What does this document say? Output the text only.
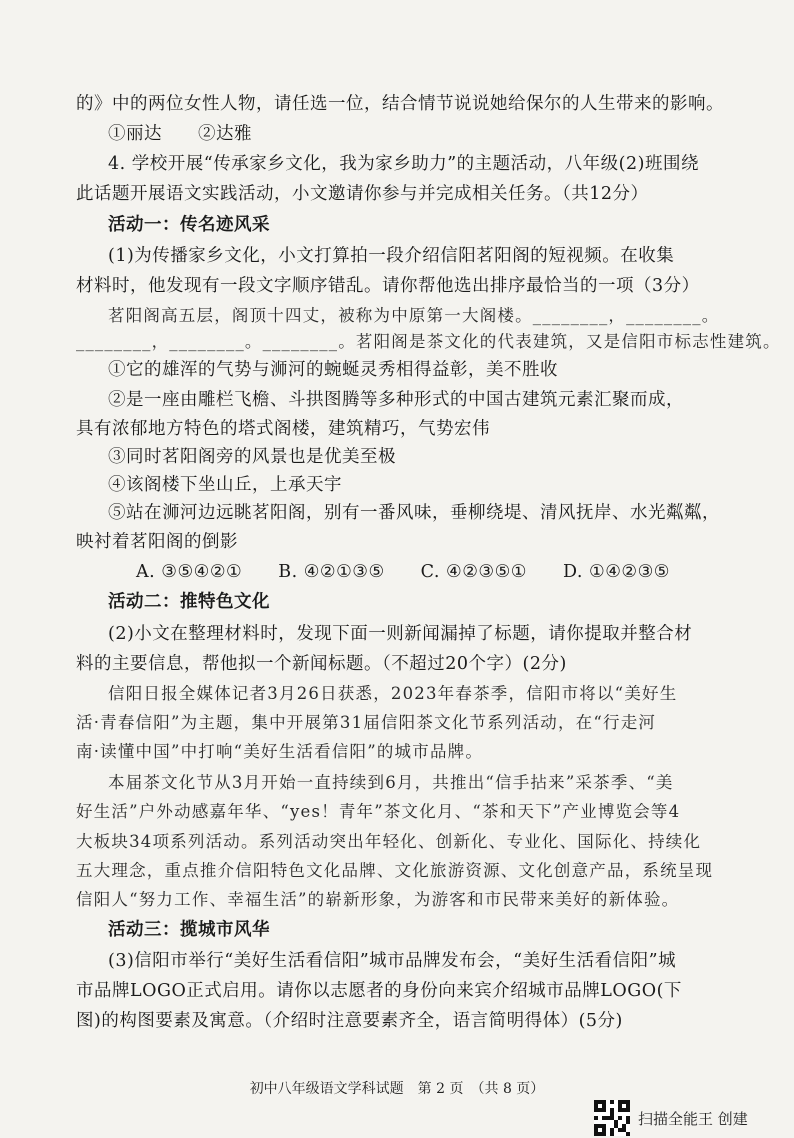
的》中的两位女性人物，请任选一位，结合情节说说她给保尔的人生带来的影响。
①丽达　　②达雅
4. 学校开展“传承家乡文化，我为家乡助力”的主题活动，八年级(2)班围绕
此话题开展语文实践活动，小文邀请你参与并完成相关任务。（共12分）
活动一：传名迹风采
(1)为传播家乡文化，小文打算拍一段介绍信阳茗阳阁的短视频。在收集
材料时，他发现有一段文字顺序错乱。请你帮他选出排序最恰当的一项（3分）
茗阳阁高五层，阁顶十四丈，被称为中原第一大阁楼。________，________。
________，________。________。茗阳阁是茶文化的代表建筑，又是信阳市标志性建筑。
①它的雄浑的气势与浉河的蜿蜒灵秀相得益彰，美不胜收
②是一座由雕栏飞檐、斗拱图腾等多种形式的中国古建筑元素汇聚而成，
具有浓郁地方特色的塔式阁楼，建筑精巧，气势宏伟
③同时茗阳阁旁的风景也是优美至极
④该阁楼下坐山丘，上承天宇
⑤站在浉河边远眺茗阳阁，别有一番风味，垂柳绕堤、清风抚岸、水光粼粼，
映衬着茗阳阁的倒影
A. ③⑤④②①　　B. ④②①③⑤　　C. ④②③⑤①　　D. ①④②③⑤
活动二：推特色文化
(2)小文在整理材料时，发现下面一则新闻漏掉了标题，请你提取并整合材
料的主要信息，帮他拟一个新闻标题。（不超过20个字）(2分)
信阳日报全媒体记者3月26日获悉，2023年春茶季，信阳市将以“美好生
活·青春信阳”为主题，集中开展第31届信阳茶文化节系列活动，在“行走河
南·读懂中国”中打响“美好生活看信阳”的城市品牌。
本届茶文化节从3月开始一直持续到6月，共推出“信手拈来”采茶季、“美
好生活”户外动感嘉年华、“yes！青年”茶文化月、“茶和天下”产业博览会等4
大板块34项系列活动。系列活动突出年轻化、创新化、专业化、国际化、持续化
五大理念，重点推介信阳特色文化品牌、文化旅游资源、文化创意产品，系统呈现
信阳人“努力工作、幸福生活”的崭新形象，为游客和市民带来美好的新体验。
活动三：揽城市风华
(3)信阳市举行“美好生活看信阳”城市品牌发布会，“美好生活看信阳”城
市品牌LOGO正式启用。请你以志愿者的身份向来宾介绍城市品牌LOGO(下
图)的构图要素及寓意。（介绍时注意要素齐全，语言简明得体）(5分)
初中八年级语文学科试题　第 2 页　（共 8 页）
扫描全能王 创建
